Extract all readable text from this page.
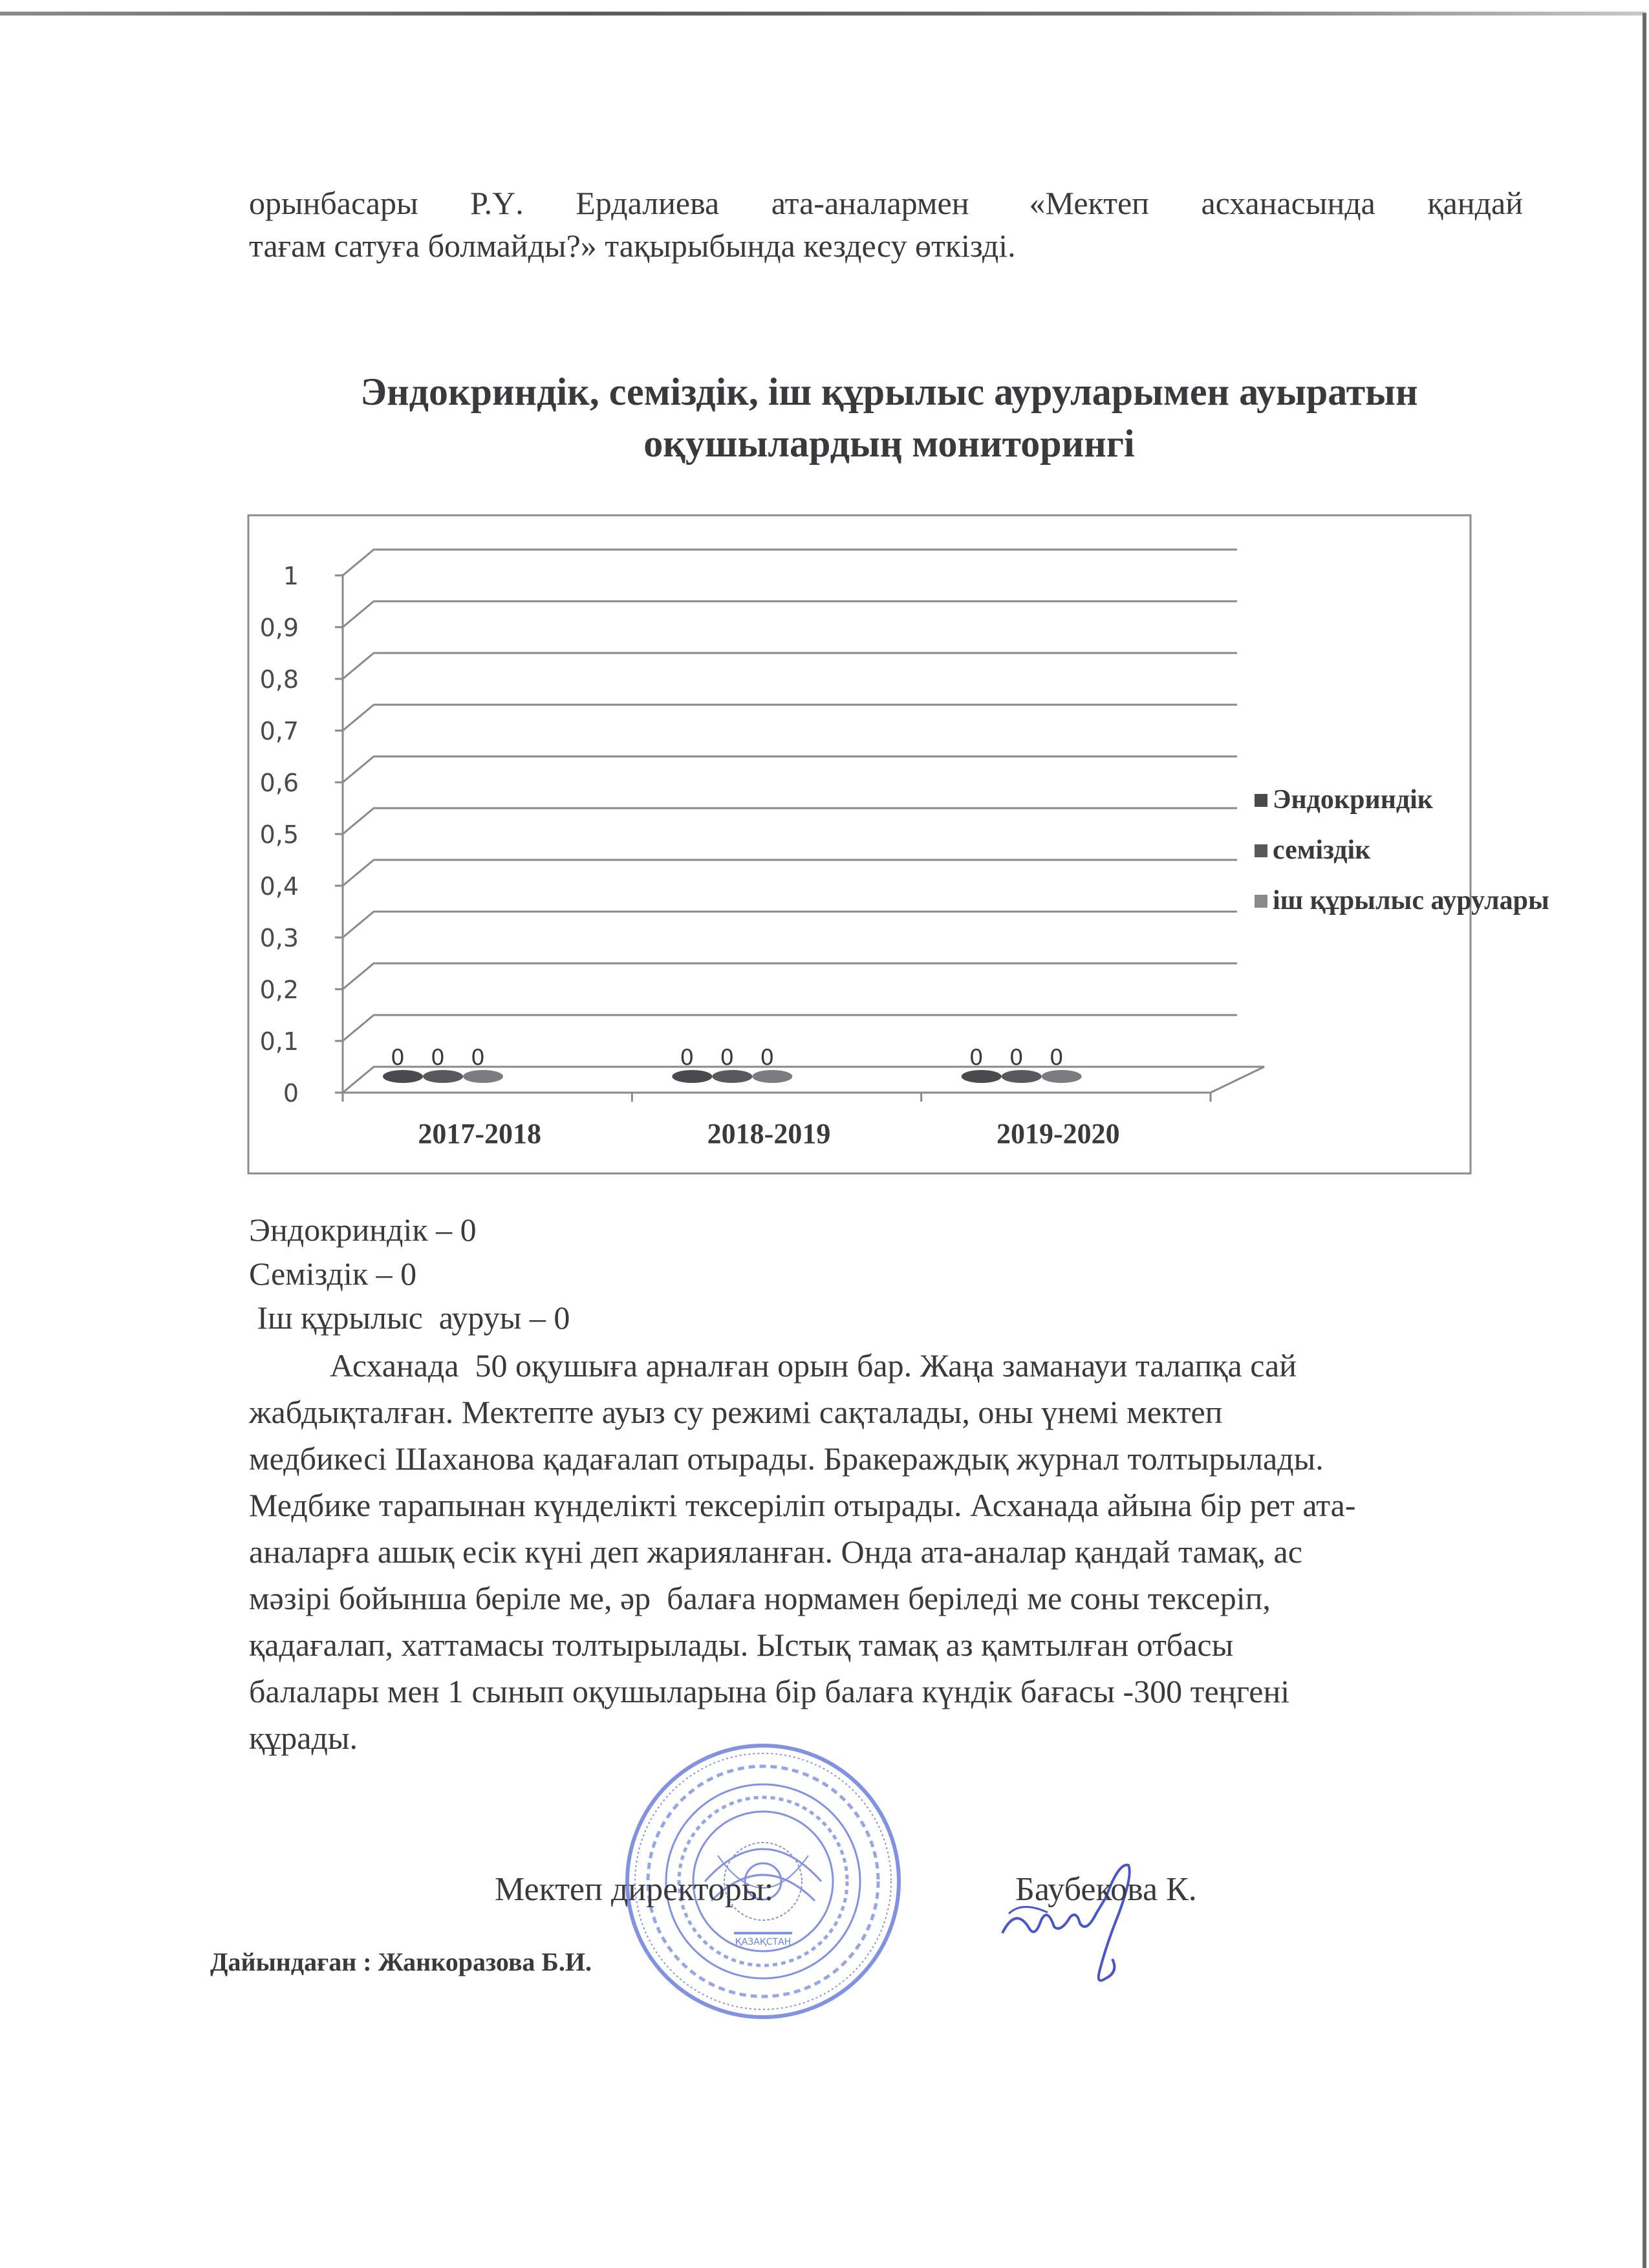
орынбасары Р.Ү. Ердалиева ата-аналармен «Мектеп асханасында қандай
тағам сатуға болмайды?» тақырыбында кездесу өткізді.
Эндокриндік, семіздік, іш құрылыс ауруларымен ауыратын
оқушылардың мониторингі
0
0,1
0,2
0,3
0,4
0,5
0,6
0,7
0,8
0,9
1
2017-2018
0 0 0
2018-2019
0 0 0
2019-2020
0 0 0
Эндокриндік
семіздік
іш құрылыс аурулары
Эндокриндік – 0
Семіздік – 0
Іш құрылыс  ауруы – 0
Асханада  50 оқушыға арналған орын бар. Жаңа заманауи талапқа сай
жабдықталған. Мектепте ауыз су режимі сақталады, оны үнемі мектеп
медбикесі Шаханова қадағалап отырады. Бракераждық журнал толтырылады.
Медбике тарапынан күнделікті тексеріліп отырады. Асханада айына бір рет ата-
аналарға ашық есік күні деп жарияланған. Онда ата-аналар қандай тамақ, ас
мәзірі бойынша беріле ме, әр  балаға нормамен беріледі ме соны тексеріп,
қадағалап, хаттамасы толтырылады. Ыстық тамақ аз қамтылған отбасы
балалары мен 1 сынып оқушыларына бір балаға күндік бағасы -300 теңгені
құрады.
ҚАЗАҚСТАН
Мектеп директоры:	Баубекова К.
Дайындаған : Жанкоразова Б.И.
